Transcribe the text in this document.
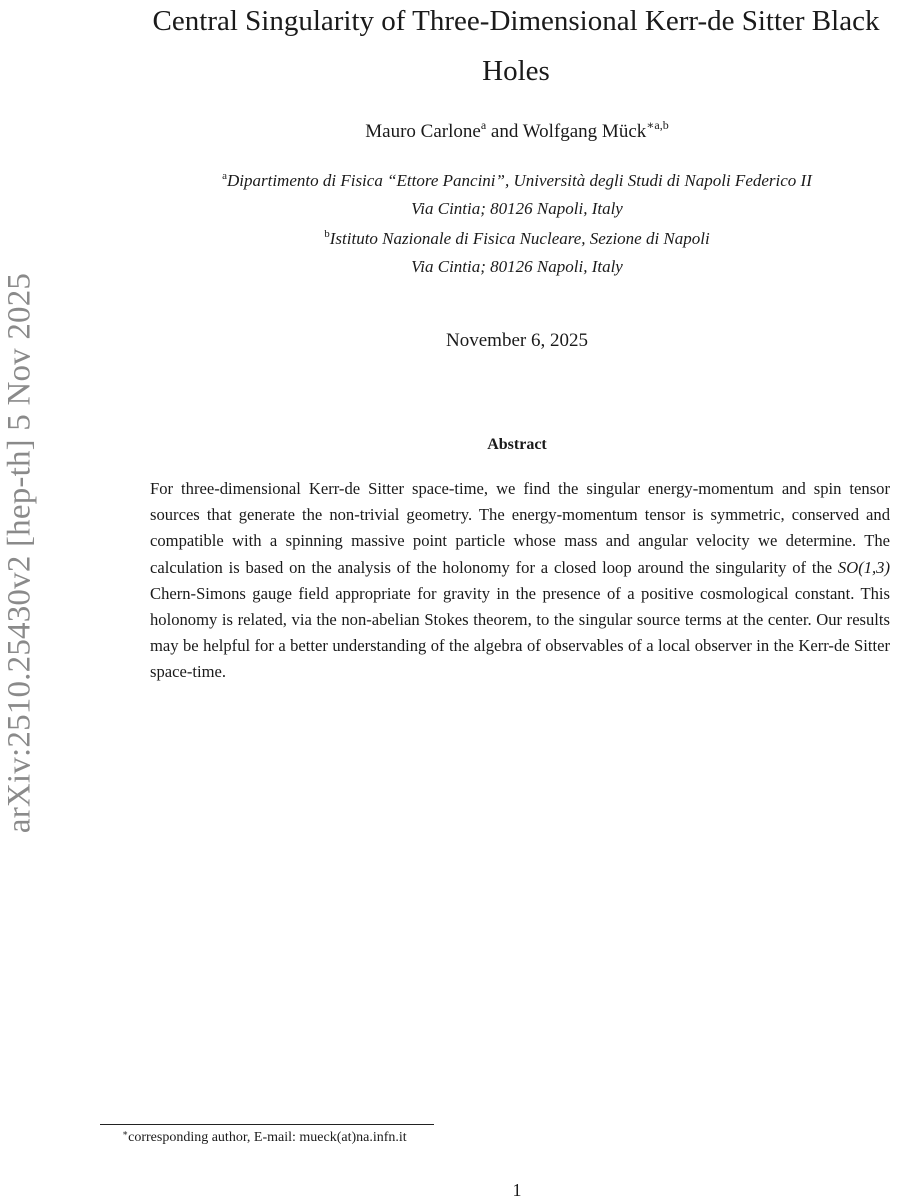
arXiv:2510.25430v2 [hep-th] 5 Nov 2025
Central Singularity of Three-Dimensional Kerr-de Sitter Black
Holes
Mauro Carlone$^a$ and Wolfgang Mück$^{∗a,b}$
$^a$Dipartimento di Fisica “Ettore Pancini”, Università degli Studi di Napoli Federico II
Via Cintia; 80126 Napoli, Italy
$^b$Istituto Nazionale di Fisica Nucleare, Sezione di Napoli
Via Cintia; 80126 Napoli, Italy
November 6, 2025
Abstract
For three-dimensional Kerr-de Sitter space-time, we find the singular energy-momentum and spin tensor sources that generate the non-trivial geometry. The energy-momentum tensor is symmetric, conserved and compatible with a spinning massive point particle whose mass and angular velocity we determine. The calculation is based on the analysis of the holonomy for a closed loop around the singularity of the SO(1,3) Chern-Simons gauge field appropriate for gravity in the presence of a positive cosmological constant. This holonomy is related, via the non-abelian Stokes theorem, to the singular source terms at the center. Our results may be helpful for a better understanding of the algebra of observables of a local observer in the Kerr-de Sitter space-time.
∗corresponding author, E-mail: mueck(at)na.infn.it
1
